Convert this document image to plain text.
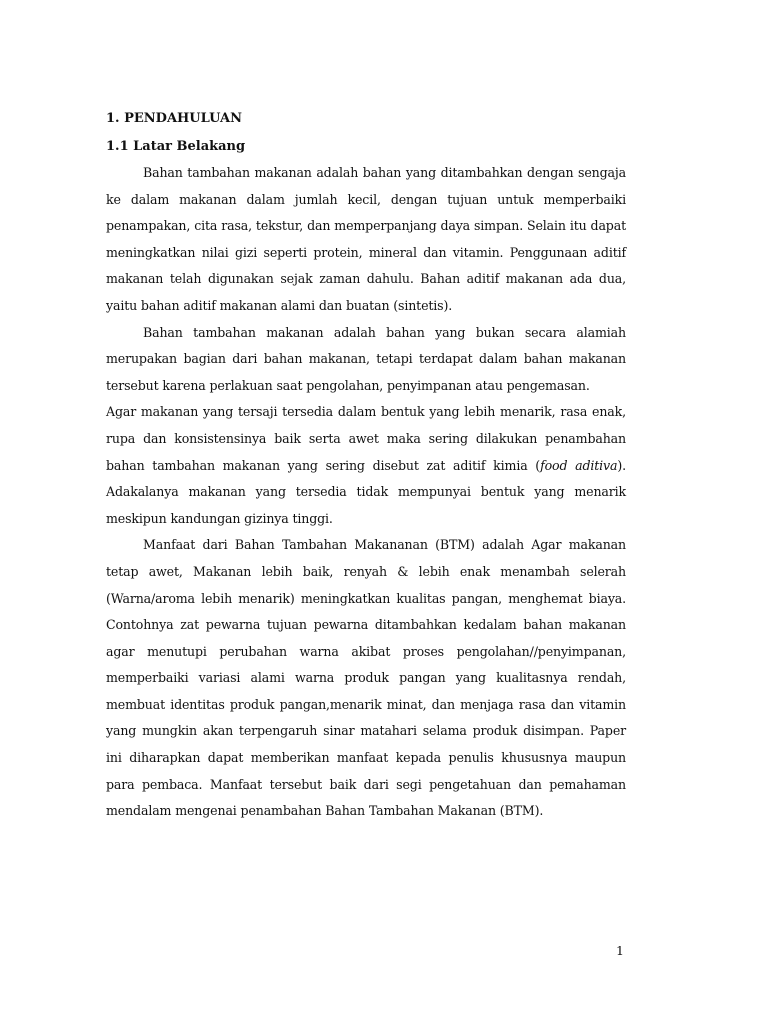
1. PENDAHULUAN
1.1 Latar Belakang

Bahan tambahan makanan adalah bahan yang ditambahkan dengan sengaja ke dalam makanan dalam jumlah kecil, dengan tujuan untuk memperbaiki penampakan, cita rasa, tekstur, dan memperpanjang daya simpan. Selain itu dapat meningkatkan nilai gizi seperti protein, mineral dan vitamin. Penggunaan aditif makanan telah digunakan sejak zaman dahulu. Bahan aditif makanan ada dua, yaitu bahan aditif makanan alami dan buatan (sintetis).

Bahan tambahan makanan adalah bahan yang bukan secara alamiah merupakan bagian dari bahan makanan, tetapi terdapat dalam bahan makanan tersebut karena perlakuan saat pengolahan, penyimpanan atau pengemasan.

Agar makanan yang tersaji tersedia dalam bentuk yang lebih menarik, rasa enak, rupa dan konsistensinya baik serta awet maka sering dilakukan penambahan bahan tambahan makanan yang sering disebut zat aditif kimia (food aditiva). Adakalanya makanan yang tersedia tidak mempunyai bentuk yang menarik meskipun kandungan gizinya tinggi.

Manfaat dari Bahan Tambahan Makananan (BTM) adalah Agar makanan tetap awet, Makanan lebih baik, renyah & lebih enak menambah selerah (Warna/aroma lebih menarik) meningkatkan kualitas pangan, menghemat biaya. Contohnya zat pewarna tujuan pewarna ditambahkan kedalam bahan makanan agar menutupi perubahan warna akibat proses pengolahan//penyimpanan, memperbaiki variasi alami warna produk pangan yang kualitasnya rendah, membuat identitas produk pangan,menarik minat, dan menjaga rasa dan vitamin yang mungkin akan terpengaruh sinar matahari selama produk disimpan. Paper ini diharapkan dapat memberikan manfaat kepada penulis khususnya maupun para pembaca. Manfaat tersebut baik dari segi pengetahuan dan pemahaman mendalam mengenai penambahan Bahan Tambahan Makanan (BTM).

1
